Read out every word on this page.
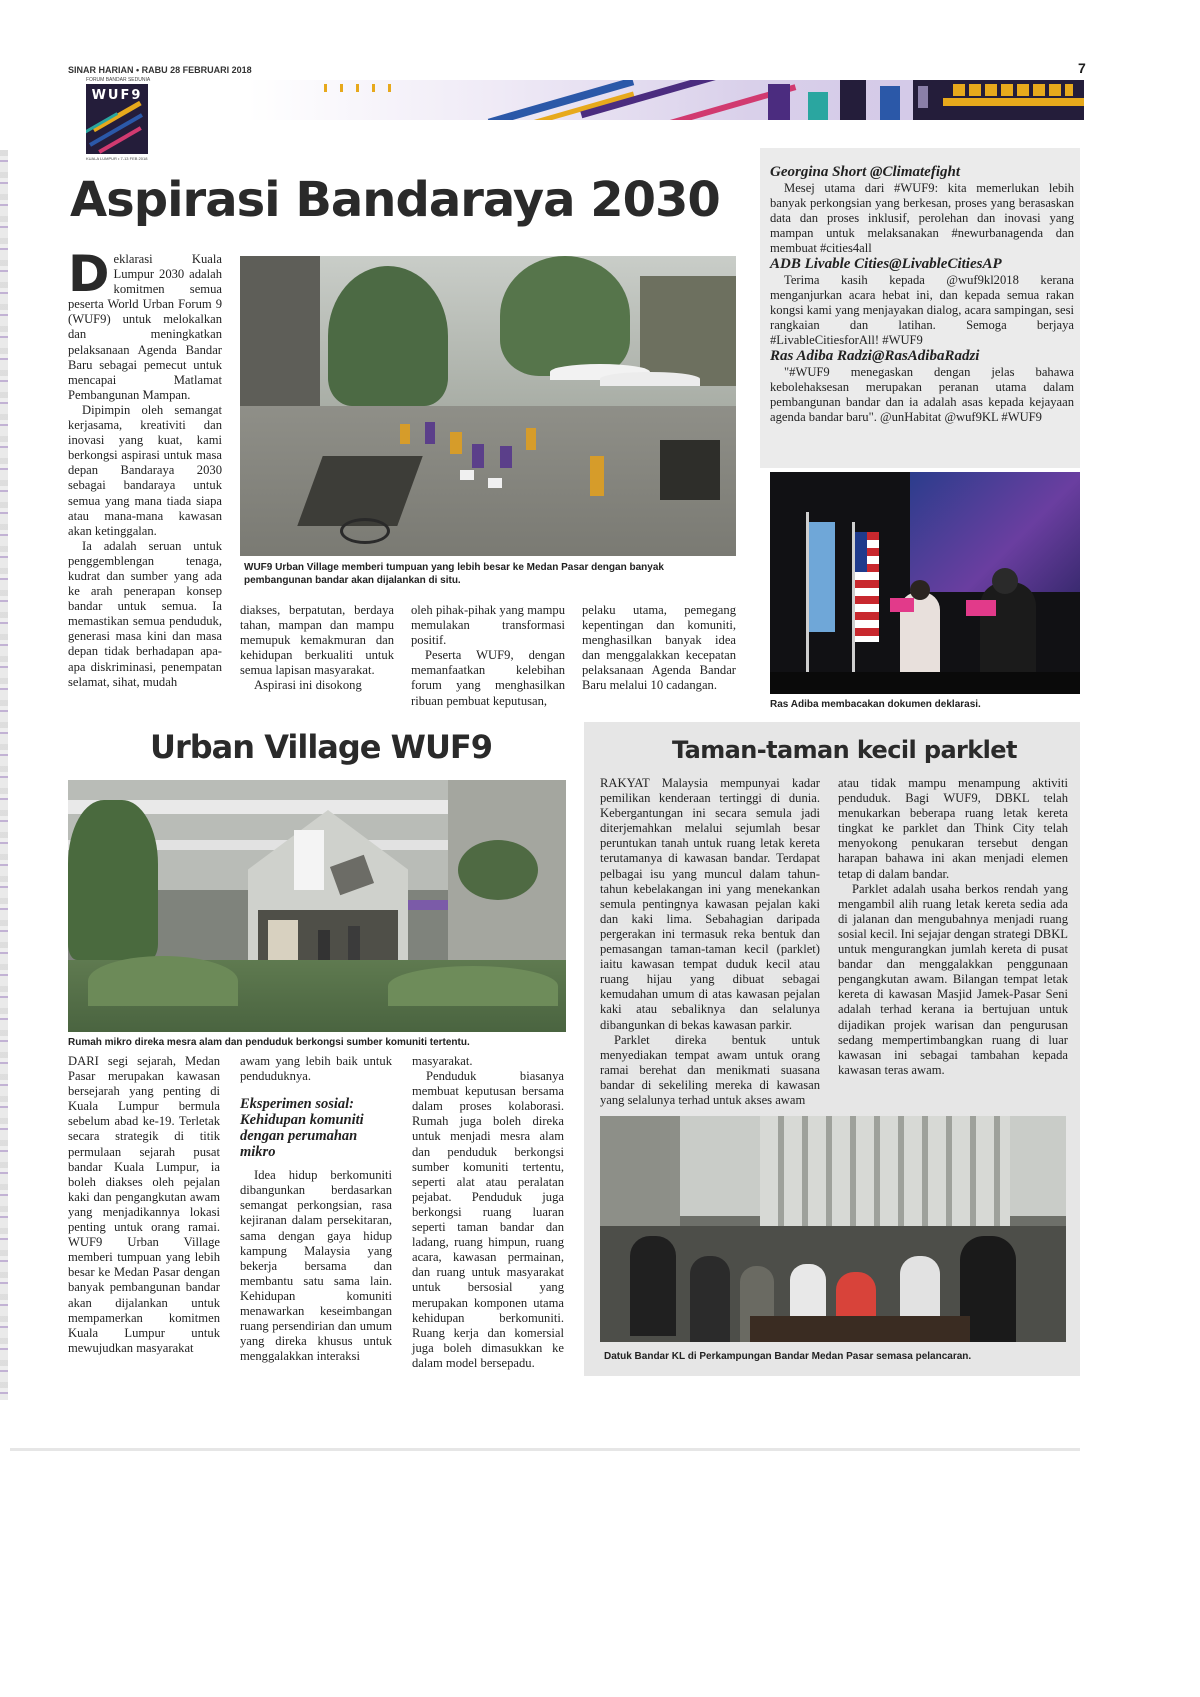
SINAR HARIAN • RABU 28 FEBRUARI 2018	7
FORUM BANDAR SEDUNIA
WUF9
KUALA LUMPUR • 7-13 FEB 2018
Aspirasi Bandaraya 2030

Deklarasi Kuala Lumpur 2030 adalah komitmen semua peserta World Urban Forum 9 (WUF9) untuk melokalkan dan meningkatkan pelaksanaan Agenda Bandar Baru sebagai pemecut untuk mencapai Matlamat Pembangunan Mampan.

Dipimpin oleh semangat kerjasama, kreativiti dan inovasi yang kuat, kami berkongsi aspirasi untuk masa depan Bandaraya 2030 sebagai bandaraya untuk semua yang mana tiada siapa atau mana-mana kawasan akan ketinggalan.

Ia adalah seruan untuk penggemblengan tenaga, kudrat dan sumber yang ada ke arah penerapan konsep bandar untuk semua. Ia memastikan semua penduduk, generasi masa kini dan masa depan tidak berhadapan apa-apa diskriminasi, penempatan selamat, sihat, mudah

WUF9 Urban Village memberi tumpuan yang lebih besar ke Medan Pasar dengan banyak pembangunan bandar akan dijalankan di situ.

diakses, berpatutan, berdaya tahan, mampan dan mampu memupuk kemakmuran dan kehidupan berkualiti untuk semua lapisan masyarakat.

Aspirasi ini disokong

oleh pihak-pihak yang mampu memulakan transformasi positif.

Peserta WUF9, dengan memanfaatkan kelebihan forum yang menghasilkan ribuan pembuat keputusan,

pelaku utama, pemegang kepentingan dan komuniti, menghasilkan banyak idea dan menggalakkan kecepatan pelaksanaan Agenda Bandar Baru melalui 10 cadangan.

Georgina Short @Climatefight

Mesej utama dari #WUF9: kita memerlukan lebih banyak perkongsian yang berkesan, proses yang berasaskan data dan proses inklusif, perolehan dan inovasi yang mampan untuk melaksanakan #newurbanagenda dan membuat #cities4all

ADB Livable Cities@LivableCitiesAP

Terima kasih kepada @wuf9kl2018 kerana menganjurkan acara hebat ini, dan kepada semua rakan kongsi kami yang menjayakan dialog, acara sampingan, sesi rangkaian dan latihan. Semoga berjaya #LivableCitiesforAll! #WUF9

Ras Adiba Radzi@RasAdibaRadzi

"#WUF9 menegaskan dengan jelas bahawa kebolehaksesan merupakan peranan utama dalam pembangunan bandar dan ia adalah asas kepada kejayaan agenda bandar baru". @unHabitat @wuf9KL #WUF9

Ras Adiba membacakan dokumen deklarasi.
Urban Village WUF9
Rumah mikro direka mesra alam dan penduduk berkongsi sumber komuniti tertentu.

DARI segi sejarah, Medan Pasar merupakan kawasan bersejarah yang penting di Kuala Lumpur bermula sebelum abad ke-19. Terletak secara strategik di titik permulaan sejarah pusat bandar Kuala Lumpur, ia boleh diakses oleh pejalan kaki dan pengangkutan awam yang menjadikannya lokasi penting untuk orang ramai. WUF9 Urban Village memberi tumpuan yang lebih besar ke Medan Pasar dengan banyak pembangunan bandar akan dijalankan untuk mempamerkan komitmen Kuala Lumpur untuk mewujudkan masyarakat

awam yang lebih baik untuk penduduknya.

Eksperimen sosial: Kehidupan komuniti dengan perumahan mikro

Idea hidup berkomuniti dibangunkan berdasarkan semangat perkongsian, rasa kejiranan dalam persekitaran, sama dengan gaya hidup kampung Malaysia yang bekerja bersama dan membantu satu sama lain. Kehidupan komuniti menawarkan keseimbangan ruang persendirian dan umum yang direka khusus untuk menggalakkan interaksi

masyarakat.

Penduduk biasanya membuat keputusan bersama dalam proses kolaborasi. Rumah juga boleh direka untuk menjadi mesra alam dan penduduk berkongsi sumber komuniti tertentu, seperti alat atau peralatan pejabat. Penduduk juga berkongsi ruang luaran seperti taman bandar dan ladang, ruang himpun, ruang acara, kawasan permainan, dan ruang untuk masyarakat untuk bersosial yang merupakan komponen utama kehidupan berkomuniti. Ruang kerja dan komersial juga boleh dimasukkan ke dalam model bersepadu.

Taman-taman kecil parklet

RAKYAT Malaysia mempunyai kadar pemilikan kenderaan tertinggi di dunia. Kebergantungan ini secara semula jadi diterjemahkan melalui sejumlah besar peruntukan tanah untuk ruang letak kereta terutamanya di kawasan bandar. Terdapat pelbagai isu yang muncul dalam tahun-tahun kebelakangan ini yang menekankan semula pentingnya kawasan pejalan kaki dan kaki lima. Sebahagian daripada pergerakan ini termasuk reka bentuk dan pemasangan taman-taman kecil (parklet) iaitu kawasan tempat duduk kecil atau ruang hijau yang dibuat sebagai kemudahan umum di atas kawasan pejalan kaki atau sebaliknya dan selalunya dibangunkan di bekas kawasan parkir.

Parklet direka bentuk untuk menyediakan tempat awam untuk orang ramai berehat dan menikmati suasana bandar di sekeliling mereka di kawasan yang selalunya terhad untuk akses awam

atau tidak mampu menampung aktiviti penduduk. Bagi WUF9, DBKL telah menukarkan beberapa ruang letak kereta tingkat ke parklet dan Think City telah menyokong penukaran tersebut dengan harapan bahawa ini akan menjadi elemen tetap di dalam bandar.

Parklet adalah usaha berkos rendah yang mengambil alih ruang letak kereta sedia ada di jalanan dan mengubahnya menjadi ruang sosial kecil. Ini sejajar dengan strategi DBKL untuk mengurangkan jumlah kereta di pusat bandar dan menggalakkan penggunaan pengangkutan awam. Bilangan tempat letak kereta di kawasan Masjid Jamek-Pasar Seni adalah terhad kerana ia bertujuan untuk dijadikan projek warisan dan pengurusan sedang mempertimbangkan ruang di luar kawasan ini sebagai tambahan kepada kawasan teras awam.

Datuk Bandar KL di Perkampungan Bandar Medan Pasar semasa pelancaran.
